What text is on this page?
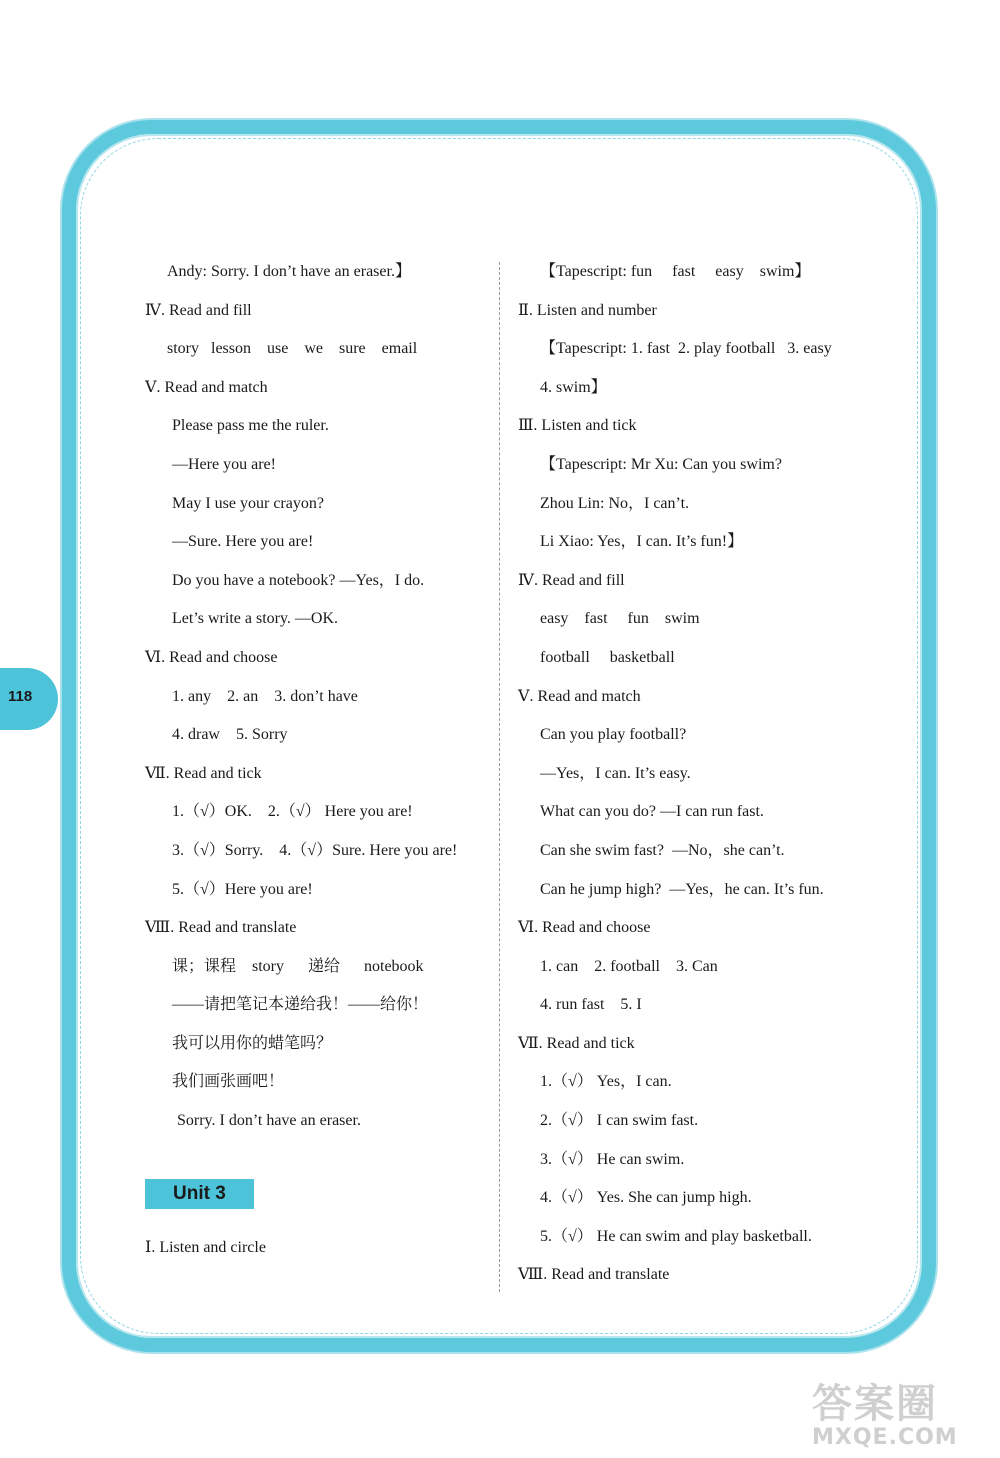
118
Andy: Sorry. I don’t have an eraser.】
Ⅳ. Read and fill
story   lesson    use    we    sure    email
Ⅴ. Read and match
Please pass me the ruler.
—Here you are!
May I use your crayon?
—Sure. Here you are!
Do you have a notebook? —Yes，I do.
Let’s write a story. —OK.
Ⅵ. Read and choose
1. any    2. an    3. don’t have
4. draw    5. Sorry
Ⅶ. Read and tick
1.（√）OK.    2.（√） Here you are!
3.（√）Sorry.    4.（√）Sure. Here you are!
5.（√）Here you are!
Ⅷ. Read and translate
课；课程    story      递给      notebook
——请把笔记本递给我！——给你！
我可以用你的蜡笔吗？
我们画张画吧！
Sorry. I don’t have an eraser.
Unit 3
Ⅰ. Listen and circle
【Tapescript: fun     fast     easy    swim】
Ⅱ. Listen and number
【Tapescript: 1. fast  2. play football   3. easy
4. swim】
Ⅲ. Listen and tick
【Tapescript: Mr Xu: Can you swim?
Zhou Lin: No，I can’t.
Li Xiao: Yes，I can. It’s fun!】
Ⅳ. Read and fill
easy    fast     fun    swim
football     basketball
Ⅴ. Read and match
Can you play football?
—Yes，I can. It’s easy.
What can you do? —I can run fast.
Can she swim fast?  —No，she can’t.
Can he jump high?  —Yes，he can. It’s fun.
Ⅵ. Read and choose
1. can    2. football    3. Can
4. run fast    5. I
Ⅶ. Read and tick
1.（√） Yes，I can.
2.（√） I can swim fast.
3.（√） He can swim.
4.（√） Yes. She can jump high.
5.（√） He can swim and play basketball.
Ⅷ. Read and translate
答案圈
MXQE.COM
